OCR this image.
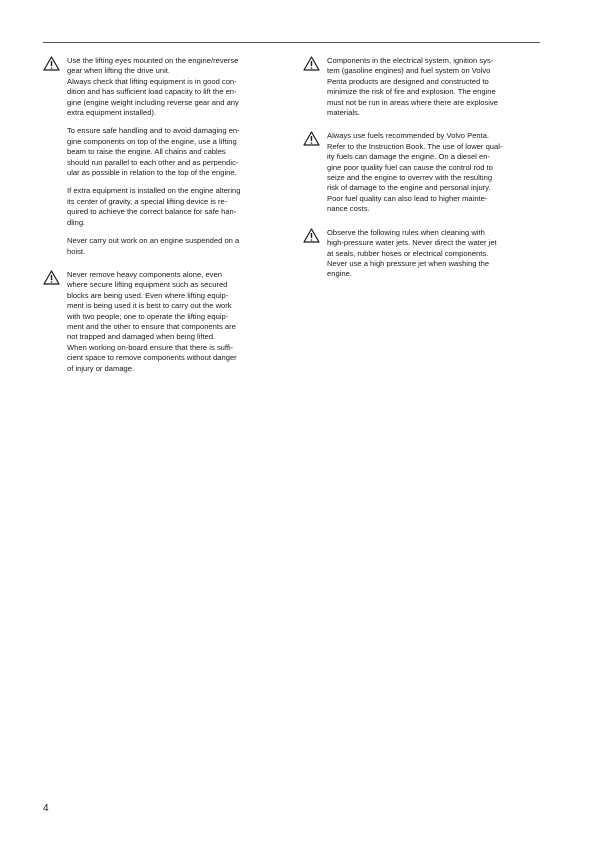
Use the lifting eyes mounted on the engine/reverse
gear when lifting the drive unit.
Always check that lifting equipment is in good con-
dition and has sufficient load capacity to lift the en-
gine (engine weight including reverse gear and any
extra equipment installed).

To ensure safe handling and to avoid damaging en-
gine components on top of the engine, use a lifting
beam to raise the engine. All chains and cables
should run parallel to each other and as perpendic-
ular as possible in relation to the top of the engine.

If extra equipment is installed on the engine altering
its center of gravity, a special lifting device is re-
quired to achieve the correct balance for safe han-
dling.

Never carry out work on an engine suspended on a
hoist.

Never remove heavy components alone, even
where secure lifting equipment such as secured
blocks are being used. Even where lifting equip-
ment is being used it is best to carry out the work
with two people; one to operate the lifting equip-
ment and the other to ensure that components are
not trapped and damaged when being lifted.
When working on-board ensure that there is suffi-
cient space to remove components without danger
of injury or damage.

Components in the electrical system, ignition sys-
tem (gasoline engines) and fuel system on Volvo
Penta products are designed and constructed to
minimize the risk of fire and explosion. The engine
must not be run in areas where there are explosive
materials.

Always use fuels recommended by Volvo Penta.
Refer to the Instruction Book. The use of lower qual-
ity fuels can damage the engine. On a diesel en-
gine poor quality fuel can cause the control rod to
seize and the engine to overrev with the resulting
risk of damage to the engine and personal injury.
Poor fuel quality can also lead to higher mainte-
nance costs.

Observe the following rules when cleaning with
high-pressure water jets. Never direct the water jet
at seals, rubber hoses or electrical components.
Never use a high pressure jet when washing the
engine.

4
